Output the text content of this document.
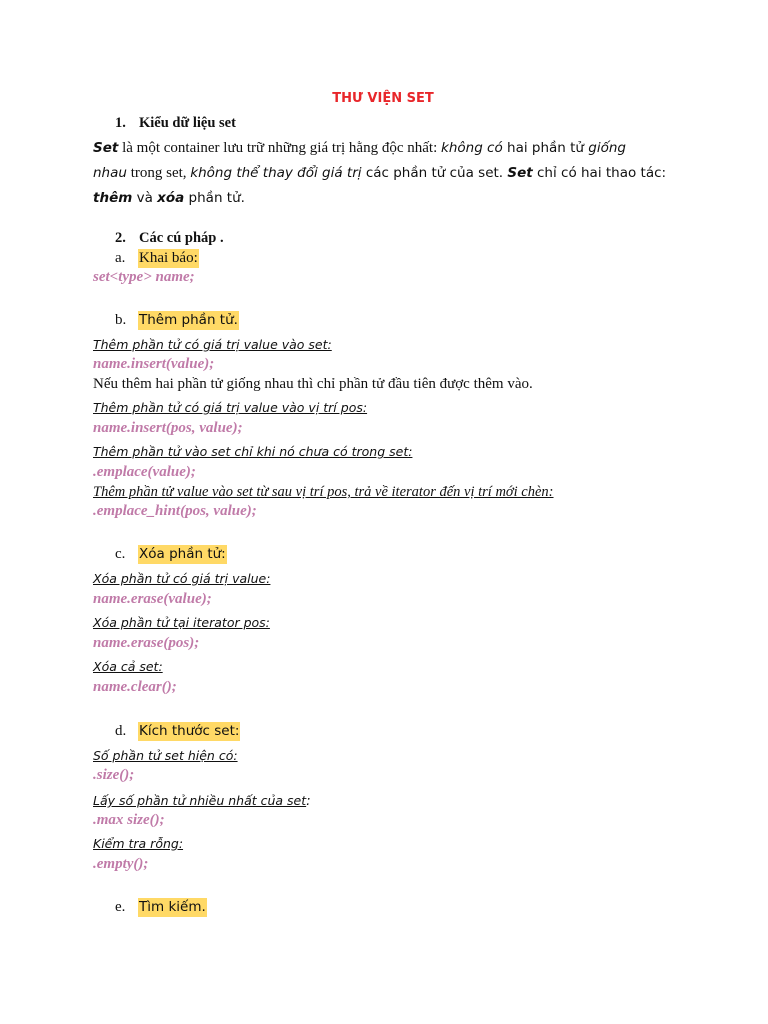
THƯ VIỆN SET
1. Kiểu dữ liệu set
Set là một container lưu trữ những giá trị hằng độc nhất: không có hai phần tử giống
nhau trong set, không thể thay đổi giá trị các phần tử của set. Set chỉ có hai thao tác:
thêm và xóa phần tử.
2. Các cú pháp .
a. Khai báo:
set<type> name;
b. Thêm phần tử.
Thêm phần tử có giá trị value vào set:
name.insert(value);
Nếu thêm hai phần tử giống nhau thì chỉ phần tử đầu tiên được thêm vào.
Thêm phần tử có giá trị value vào vị trí pos:
name.insert(pos, value);
Thêm phần tử vào set chỉ khi nó chưa có trong set:
.emplace(value);
Thêm phần tử value vào set từ sau vị trí pos, trả về iterator đến vị trí mới chèn:
.emplace_hint(pos, value);
c. Xóa phần tử:
Xóa phần tử có giá trị value:
name.erase(value);
Xóa phần tử tại iterator pos:
name.erase(pos);
Xóa cả set:
name.clear();
d. Kích thước set:
Số phần tử set hiện có:
.size();
Lấy số phần tử nhiều nhất của set:
.max size();
Kiểm tra rỗng:
.empty();
e. Tìm kiếm.
